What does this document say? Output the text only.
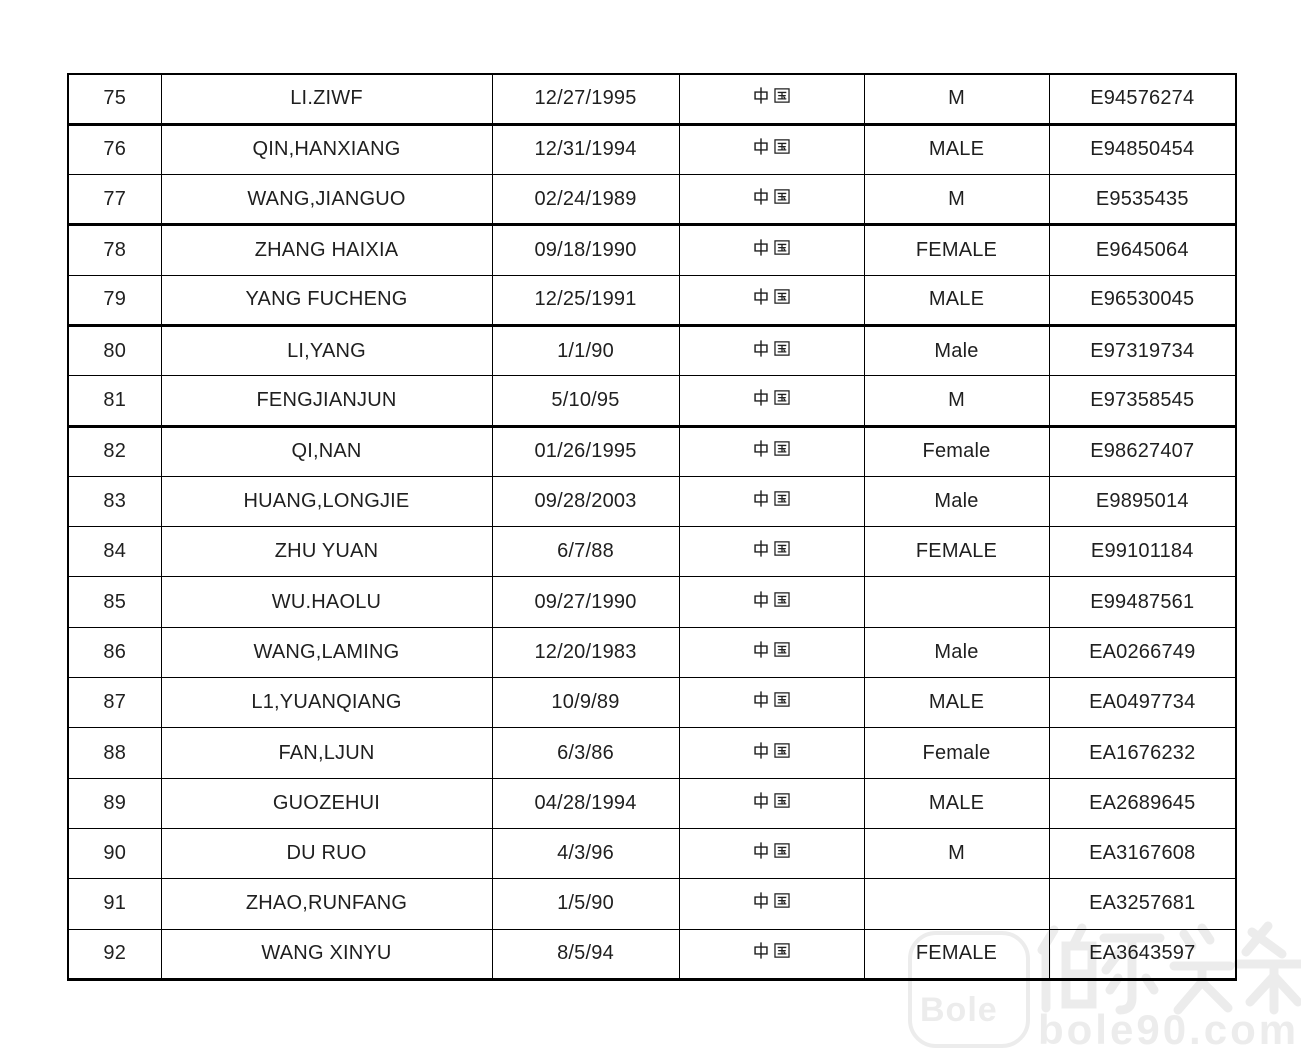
75	LI.ZIWF	12/27/1995		M	E94576274
76	QIN,HANXIANG	12/31/1994		MALE	E94850454
77	WANG,JIANGUO	02/24/1989		M	E9535435
78	ZHANG HAIXIA	09/18/1990		FEMALE	E9645064
79	YANG FUCHENG	12/25/1991		MALE	E96530045
80	LI,YANG	1/1/90		Male	E97319734
81	FENGJIANJUN	5/10/95		M	E97358545
82	QI,NAN	01/26/1995		Female	E98627407
83	HUANG,LONGJIE	09/28/2003		Male	E9895014
84	ZHU YUAN	6/7/88		FEMALE	E99101184
85	WU.HAOLU	09/27/1990			E99487561
86	WANG,LAMING	12/20/1983		Male	EA0266749
87	L1,YUANQIANG	10/9/89		MALE	EA0497734
88	FAN,LJUN	6/3/86		Female	EA1676232
89	GUOZEHUI	04/28/1994		MALE	EA2689645
90	DU RUO	4/3/96		M	EA3167608
91	ZHAO,RUNFANG	1/5/90			EA3257681
92	WANG XINYU	8/5/94		FEMALE	EA3643597
Bole bole90.com
